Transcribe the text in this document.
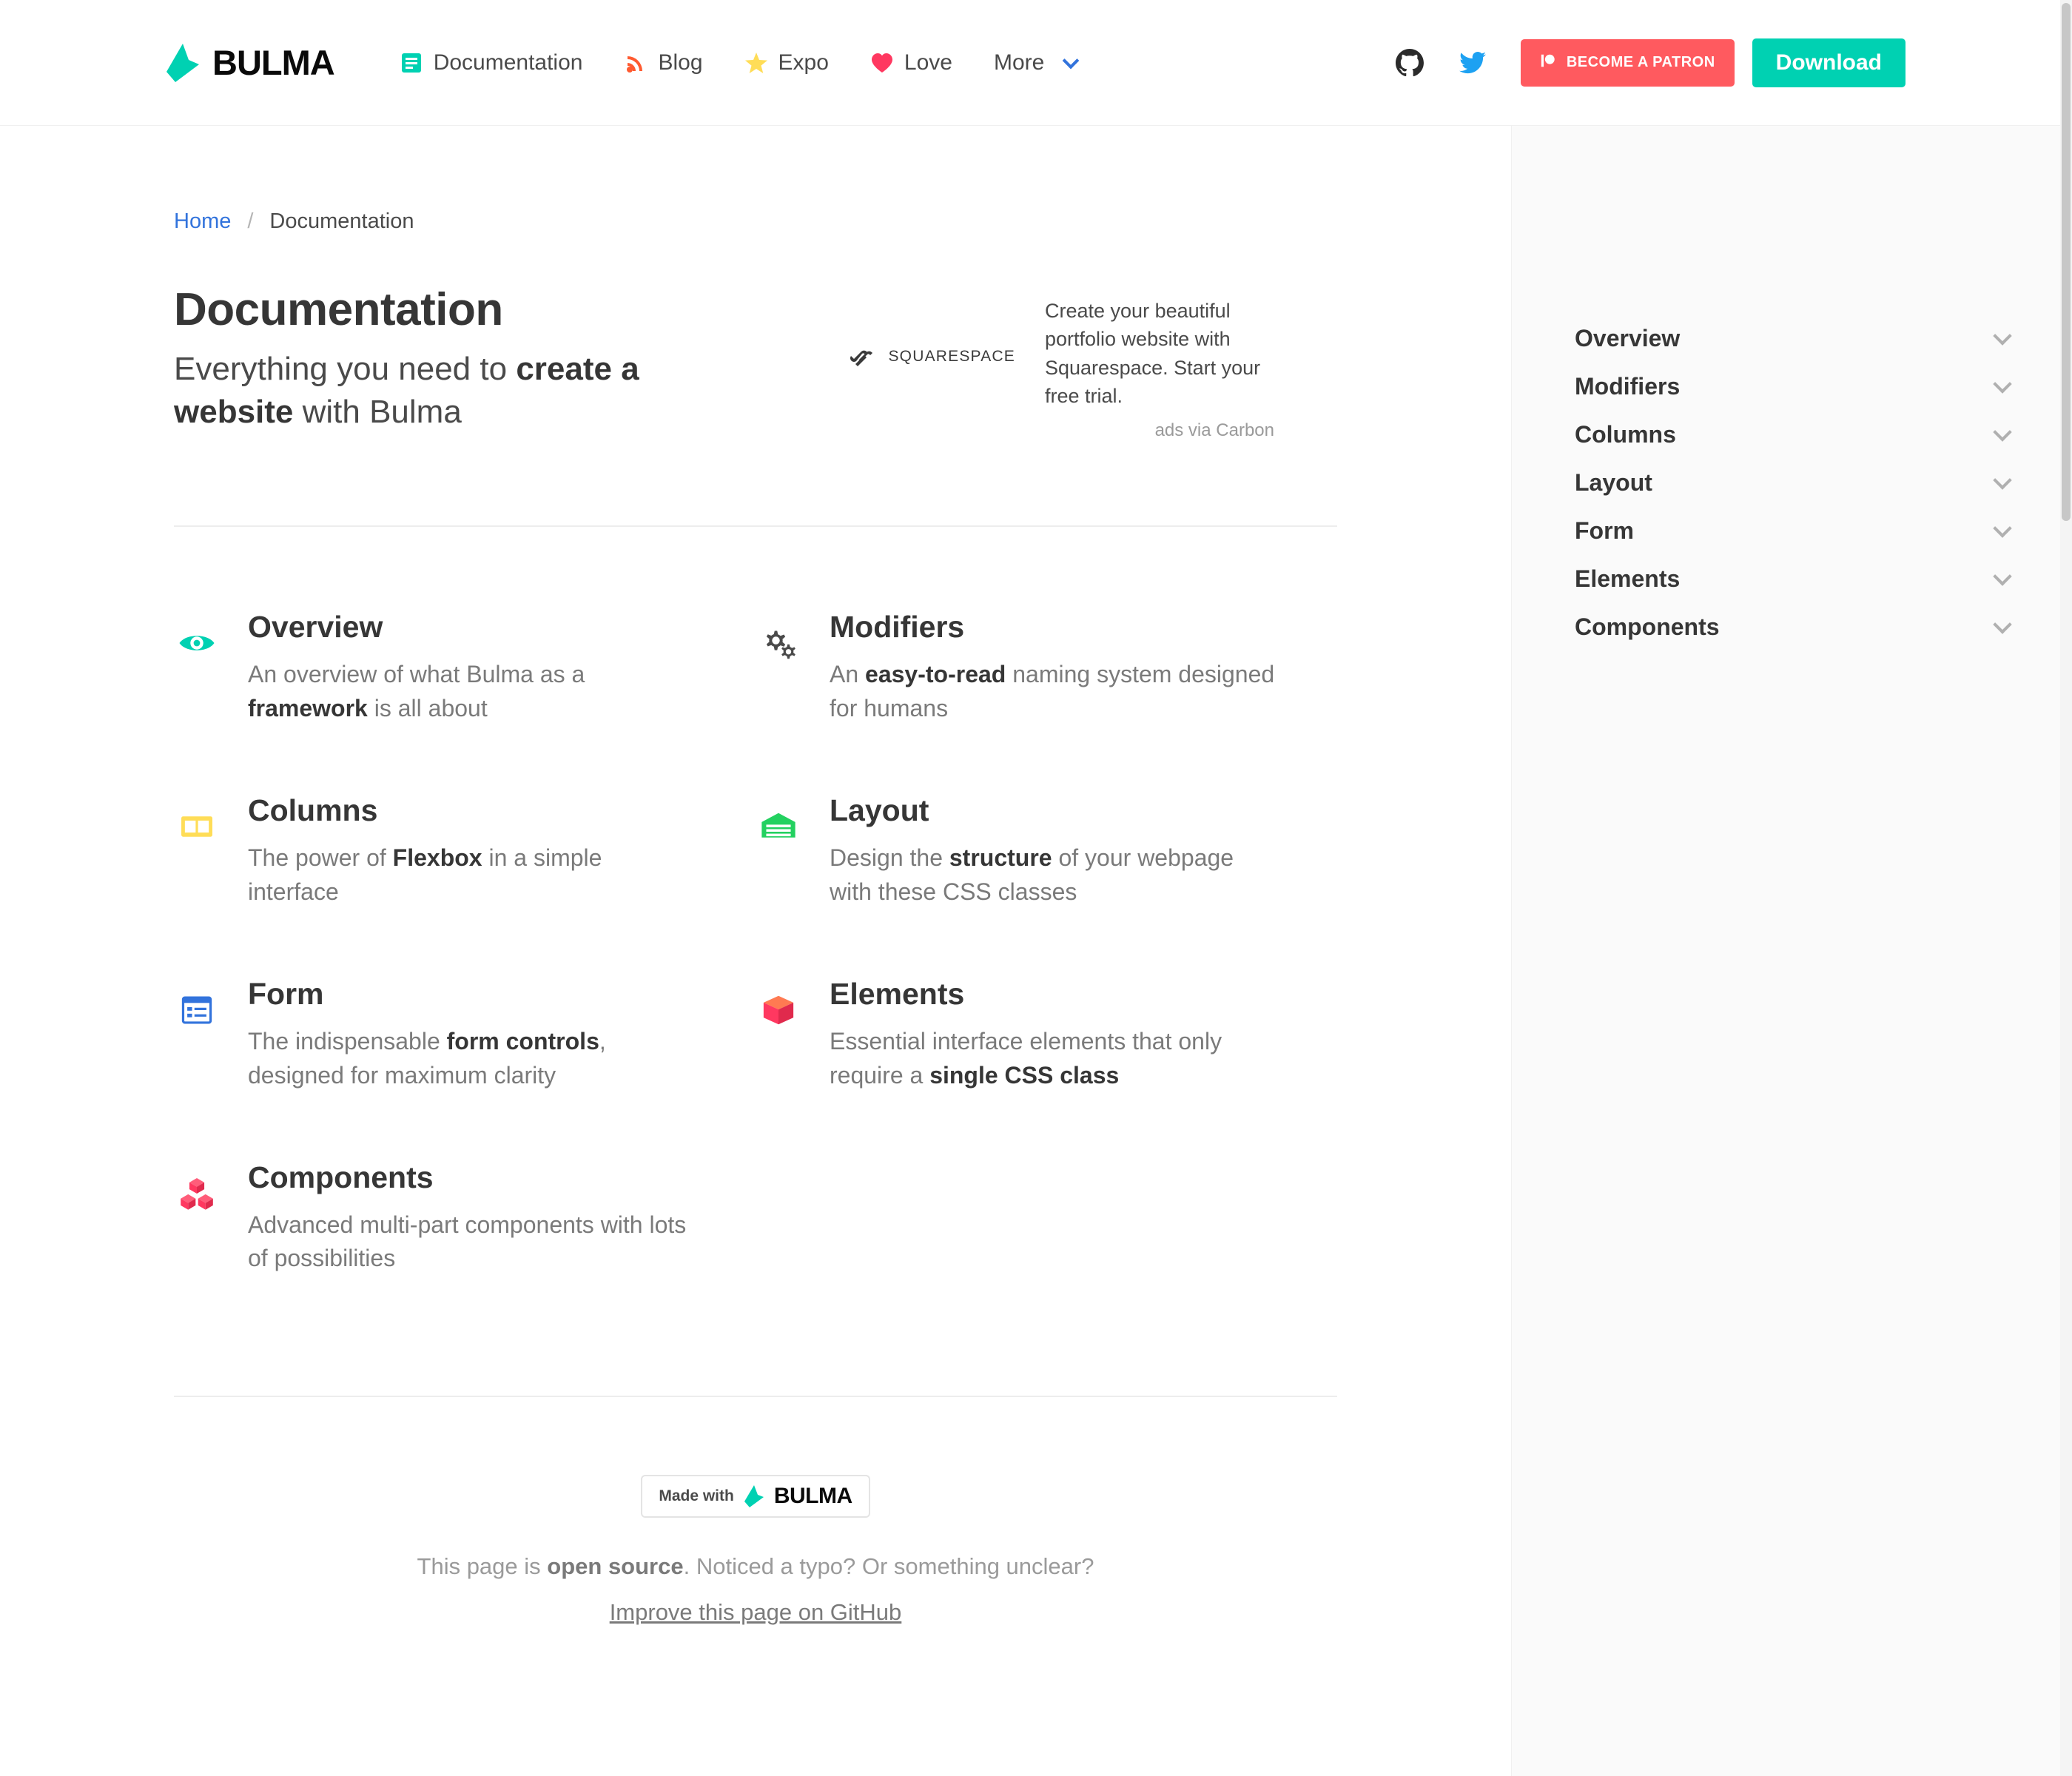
BULMA	Documentation	Blog	Expo	Love More	BECOME A PATRON	Download
Home / Documentation
Documentation
Everything you need to create a website with Bulma
SQUARESPACE
Create your beautiful portfolio website with Squarespace. Start your free trial.
ads via Carbon
Overview

An overview of what Bulma as a framework is all about

Modifiers

An easy-to-read naming system designed for humans

Columns

The power of Flexbox in a simple interface

Layout

Design the structure of your webpage with these CSS classes

Form

The indispensable form controls, designed for maximum clarity

Elements

Essential interface elements that only require a single CSS class

Components

Advanced multi-part components with lots of possibilities

Made with BULMA
This page is open source. Noticed a typo? Or something unclear?
Improve this page on GitHub
Overview
Modifiers
Columns
Layout
Form
Elements
Components
